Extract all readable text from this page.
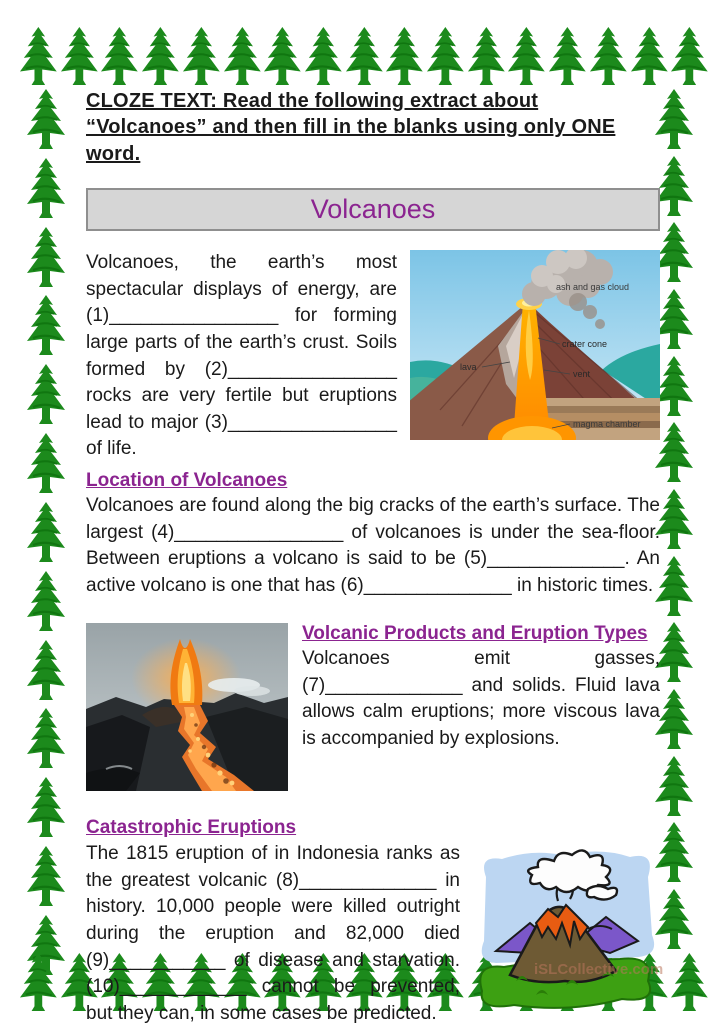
CLOZE TEXT: Read the following extract about “Volcanoes” and then fill in the blanks using only ONE word.

Volcanoes

Volcanoes, the earth’s most spectacular displays of energy, are (1)________________ for forming large parts of the earth’s crust. Soils formed by (2)________________ rocks are very fertile but eruptions lead to major (3)________________ of life.

ash and gas cloud
crater cone
lava
vent
magma chamber
Location of Volcanoes

Volcanoes are found along the big cracks of the earth’s surface. The largest (4)________________ of volcanoes is under the sea-floor. Between eruptions a volcano is said to be (5)_____________. An active volcano is one that has (6)______________ in historic times.

Volcanic Products and Eruption Types

Volcanoes emit gasses, (7)_____________ and solids. Fluid lava allows calm eruptions; more viscous lava is accompanied by explosions.

Catastrophic Eruptions

The 1815 eruption of in Indonesia ranks as the greatest volcanic (8)_____________ in history. 10,000 people were killed outright during the eruption and 82,000 died (9)___________ of disease and starvation. (10)____________ cannot be prevented, but they can, in some cases be predicted.

iSLCollective.com
